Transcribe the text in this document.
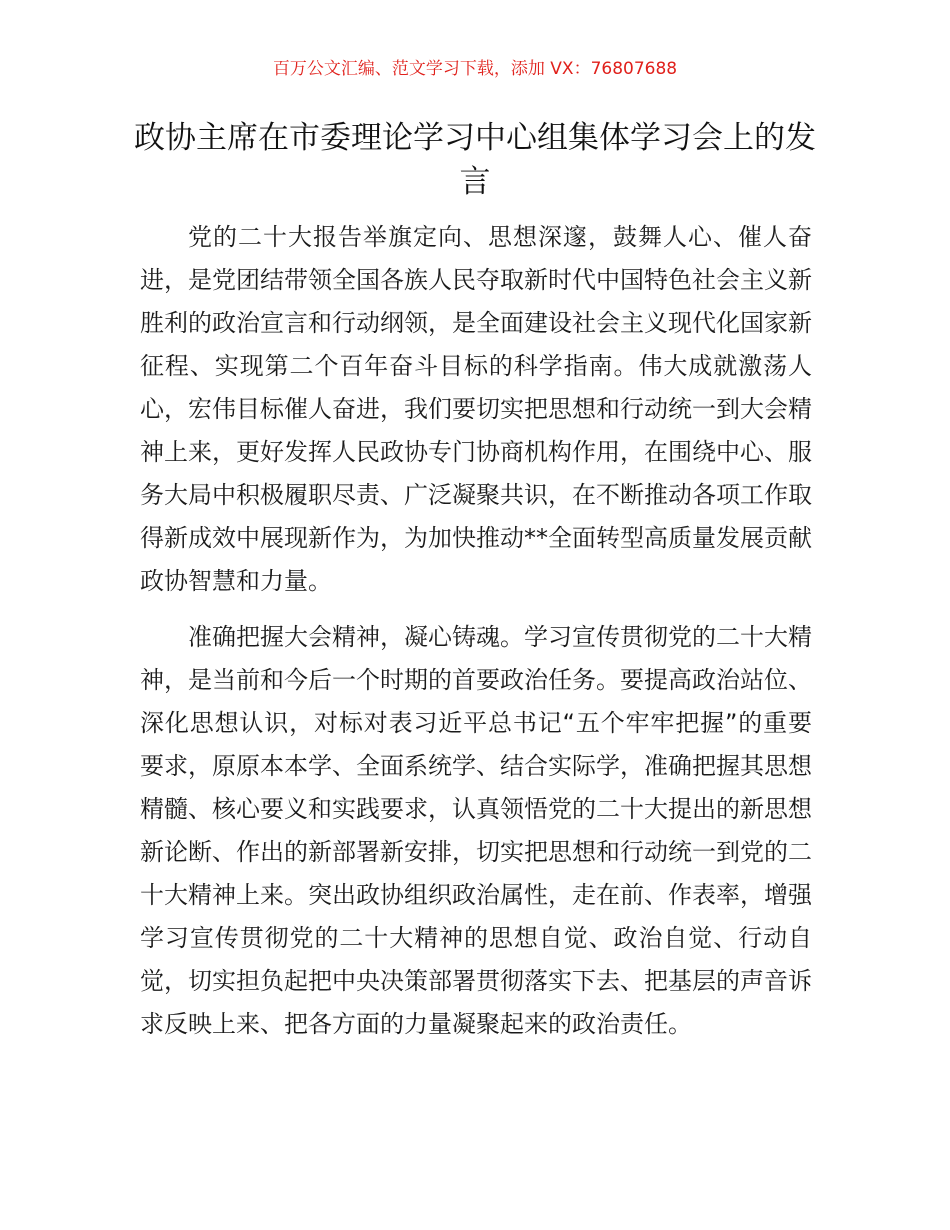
百万公文汇编、范文学习下载，添加 VX：76807688
政协主席在市委理论学习中心组集体学习会上的发言

党的二十大报告举旗定向、思想深邃，鼓舞人心、催人奋进，是党团结带领全国各族人民夺取新时代中国特色社会主义新胜利的政治宣言和行动纲领，是全面建设社会主义现代化国家新征程、实现第二个百年奋斗目标的科学指南。伟大成就激荡人心，宏伟目标催人奋进，我们要切实把思想和行动统一到大会精神上来，更好发挥人民政协专门协商机构作用，在围绕中心、服务大局中积极履职尽责、广泛凝聚共识，在不断推动各项工作取得新成效中展现新作为，为加快推动**全面转型高质量发展贡献政协智慧和力量。

准确把握大会精神，凝心铸魂。学习宣传贯彻党的二十大精神，是当前和今后一个时期的首要政治任务。要提高政治站位、深化思想认识，对标对表习近平总书记“五个牢牢把握”的重要要求，原原本本学、全面系统学、结合实际学，准确把握其思想精髓、核心要义和实践要求，认真领悟党的二十大提出的新思想新论断、作出的新部署新安排，切实把思想和行动统一到党的二十大精神上来。突出政协组织政治属性，走在前、作表率，增强学习宣传贯彻党的二十大精神的思想自觉、政治自觉、行动自觉，切实担负起把中央决策部署贯彻落实下去、把基层的声音诉求反映上来、把各方面的力量凝聚起来的政治责任。
